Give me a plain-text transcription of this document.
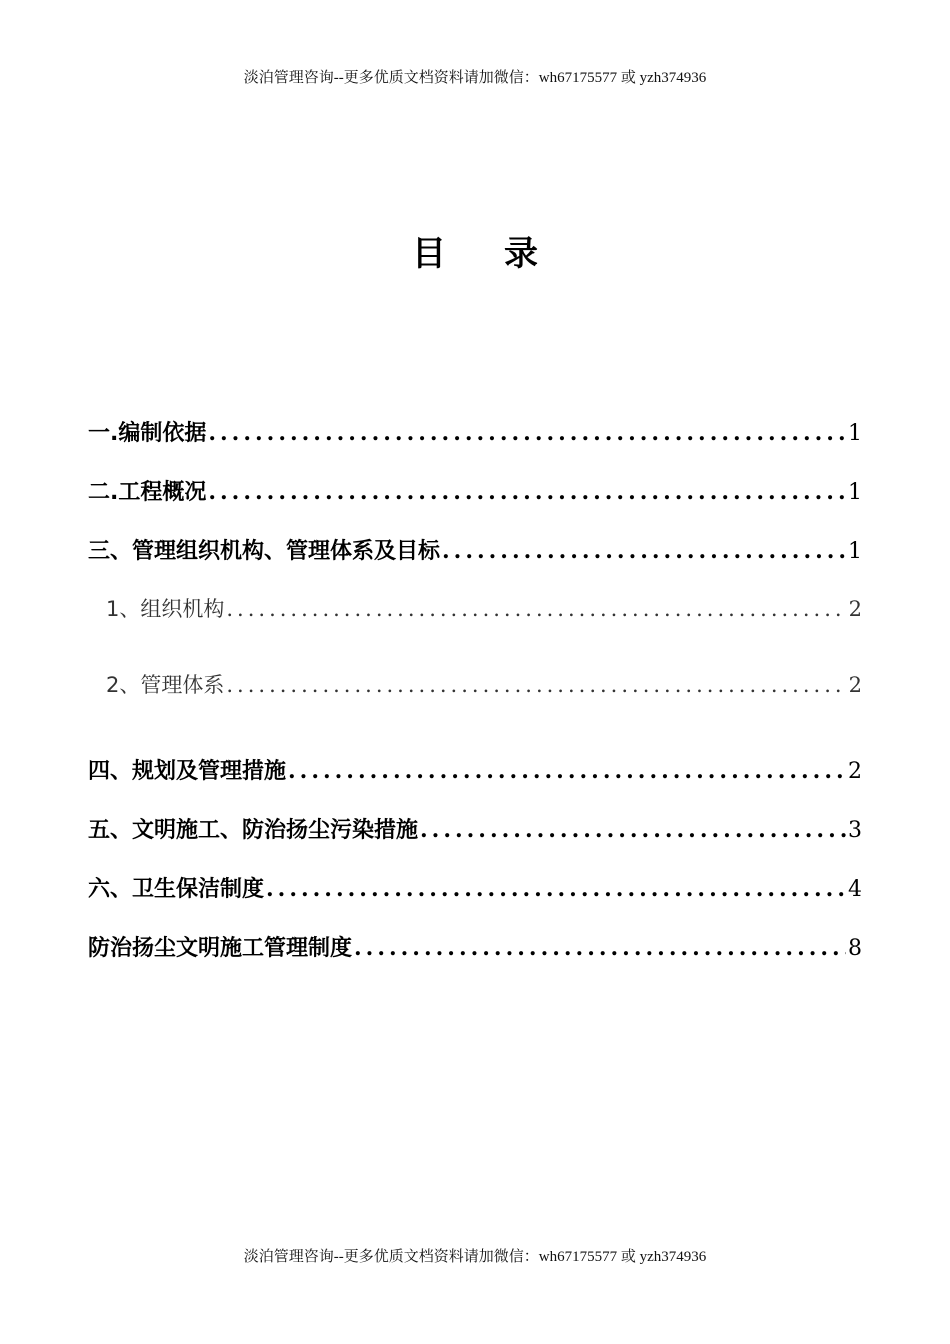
淡泊管理咨询--更多优质文档资料请加微信：wh67175577 或 yzh374936
目录
一.编制依据 .....	1
二.工程概况 .....	1
三、管理组织机构、管理体系及目标 .....	1
1、组织机构 .....	2
2、管理体系 .....	2
四、规划及管理措施 .....	2
五、文明施工、防治扬尘污染措施 .....	3
六、卫生保洁制度 .....	4
防治扬尘文明施工管理制度 .....	8
淡泊管理咨询--更多优质文档资料请加微信：wh67175577 或 yzh374936
